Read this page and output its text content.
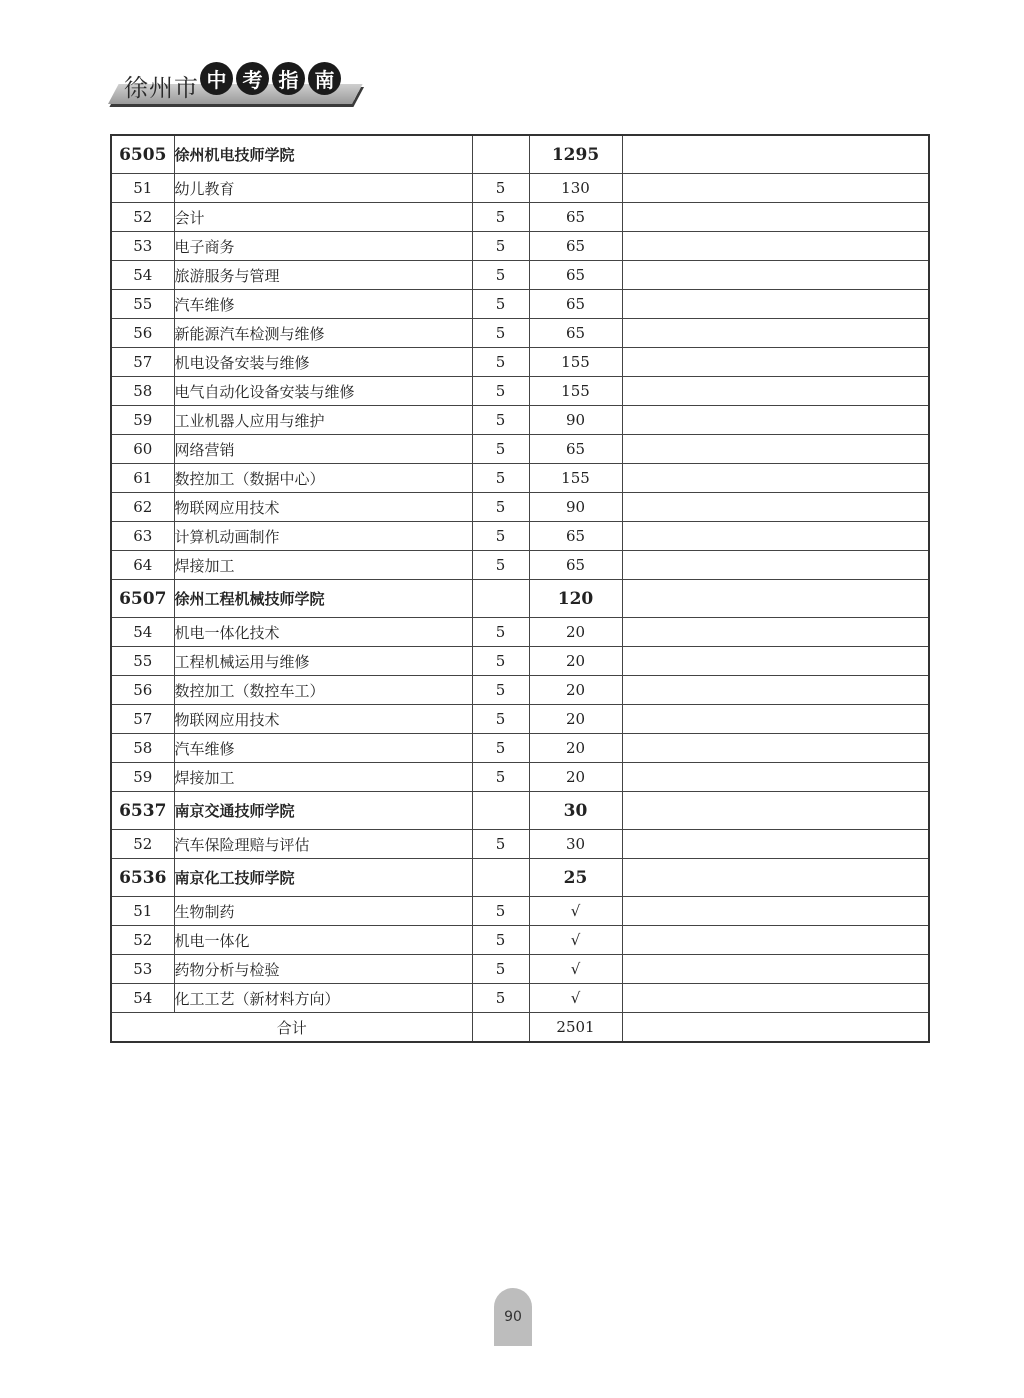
徐州市 中 考 指 南
6505	徐州机电技师学院		1295	
51	幼儿教育	5	130	
52	会计	5	65	
53	电子商务	5	65	
54	旅游服务与管理	5	65	
55	汽车维修	5	65	
56	新能源汽车检测与维修	5	65	
57	机电设备安装与维修	5	155	
58	电气自动化设备安装与维修	5	155	
59	工业机器人应用与维护	5	90	
60	网络营销	5	65	
61	数控加工（数据中心）	5	155	
62	物联网应用技术	5	90	
63	计算机动画制作	5	65	
64	焊接加工	5	65	
6507	徐州工程机械技师学院		120	
54	机电一体化技术	5	20	
55	工程机械运用与维修	5	20	
56	数控加工（数控车工）	5	20	
57	物联网应用技术	5	20	
58	汽车维修	5	20	
59	焊接加工	5	20	
6537	南京交通技师学院		30	
52	汽车保险理赔与评估	5	30	
6536	南京化工技师学院		25	
51	生物制药	5	√	
52	机电一体化	5	√	
53	药物分析与检验	5	√	
54	化工工艺（新材料方向）	5	√	
合计			2501	
90
